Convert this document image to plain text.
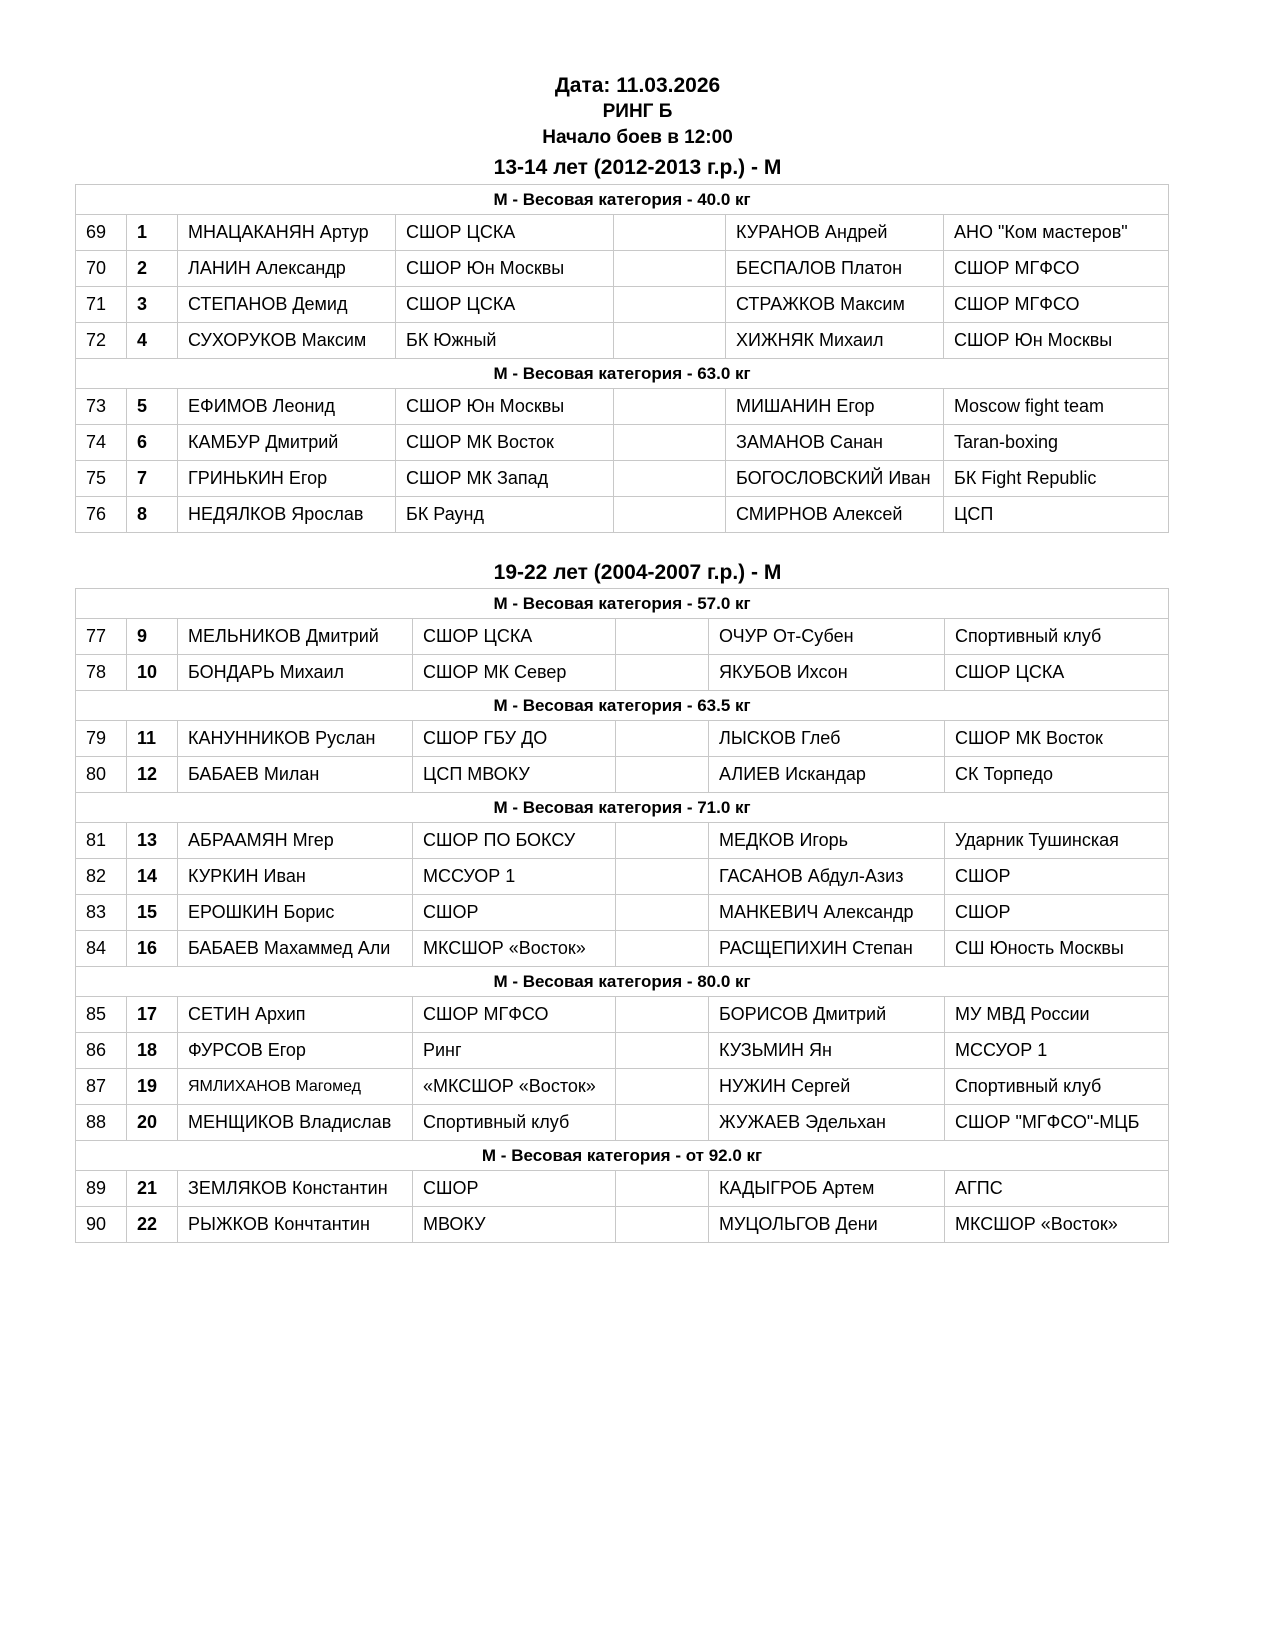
Дата: 11.03.2026
РИНГ Б
Начало боев в 12:00
13-14 лет (2012-2013 г.р.) - М
М - Весовая категория - 40.0 кг						
69	1	МНАЦАКАНЯН Артур	СШОР ЦСКА		КУРАНОВ Андрей	АНО "Ком мастеров"
70	2	ЛАНИН Александр	СШОР Юн Москвы		БЕСПАЛОВ Платон	СШОР МГФСО
71	3	СТЕПАНОВ Демид	СШОР ЦСКА		СТРАЖКОВ Максим	СШОР МГФСО
72	4	СУХОРУКОВ Максим	БК Южный		ХИЖНЯК Михаил	СШОР Юн Москвы
М - Весовая категория - 63.0 кг						
73	5	ЕФИМОВ Леонид	СШОР Юн Москвы		МИШАНИН Егор	Moscow fight team
74	6	КАМБУР Дмитрий	СШОР МК Восток		ЗАМАНОВ Санан	Taran-boxing
75	7	ГРИНЬКИН Егор	СШОР МК Запад		БОГОСЛОВСКИЙ Иван	БК Fight Republic
76	8	НЕДЯЛКОВ Ярослав	БК Раунд		СМИРНОВ Алексей	ЦСП
19-22 лет (2004-2007 г.р.) - М
М - Весовая категория - 57.0 кг						
77	9	МЕЛЬНИКОВ Дмитрий	СШОР ЦСКА		ОЧУР От-Субен	Спортивный клуб
78	10	БОНДАРЬ Михаил	СШОР МК Север		ЯКУБОВ Ихсон	СШОР ЦСКА
М - Весовая категория - 63.5 кг						
79	11	КАНУННИКОВ Руслан	СШОР ГБУ ДО		ЛЫСКОВ Глеб	СШОР МК Восток
80	12	БАБАЕВ Милан	ЦСП МВОКУ		АЛИЕВ Искандар	СК Торпедо
М - Весовая категория - 71.0 кг						
81	13	АБРААМЯН Мгер	СШОР ПО БОКСУ		МЕДКОВ Игорь	Ударник Тушинская
82	14	КУРКИН Иван	МССУОР 1		ГАСАНОВ Абдул-Азиз	СШОР
83	15	ЕРОШКИН Борис	СШОР		МАНКЕВИЧ Александр	СШОР
84	16	БАБАЕВ Махаммед Али	МКСШОР «Восток»		РАСЩЕПИХИН Степан	СШ Юность Москвы
М - Весовая категория - 80.0 кг						
85	17	СЕТИН Архип	СШОР МГФСО		БОРИСОВ Дмитрий	МУ МВД России
86	18	ФУРСОВ Егор	Ринг		КУЗЬМИН Ян	МССУОР 1
87	19	ЯМЛИХАНОВ Магомед	«МКСШОР «Восток»		НУЖИН Сергей	Спортивный клуб
88	20	МЕНЩИКОВ Владислав	Спортивный клуб		ЖУЖАЕВ Эдельхан	СШОР "МГФСО"-МЦБ
М - Весовая категория - от 92.0 кг						
89	21	ЗЕМЛЯКОВ Константин	СШОР		КАДЫГРОБ Артем	АГПС
90	22	РЫЖКОВ Кончтантин	МВОКУ		МУЦОЛЬГОВ Дени	МКСШОР «Восток»
